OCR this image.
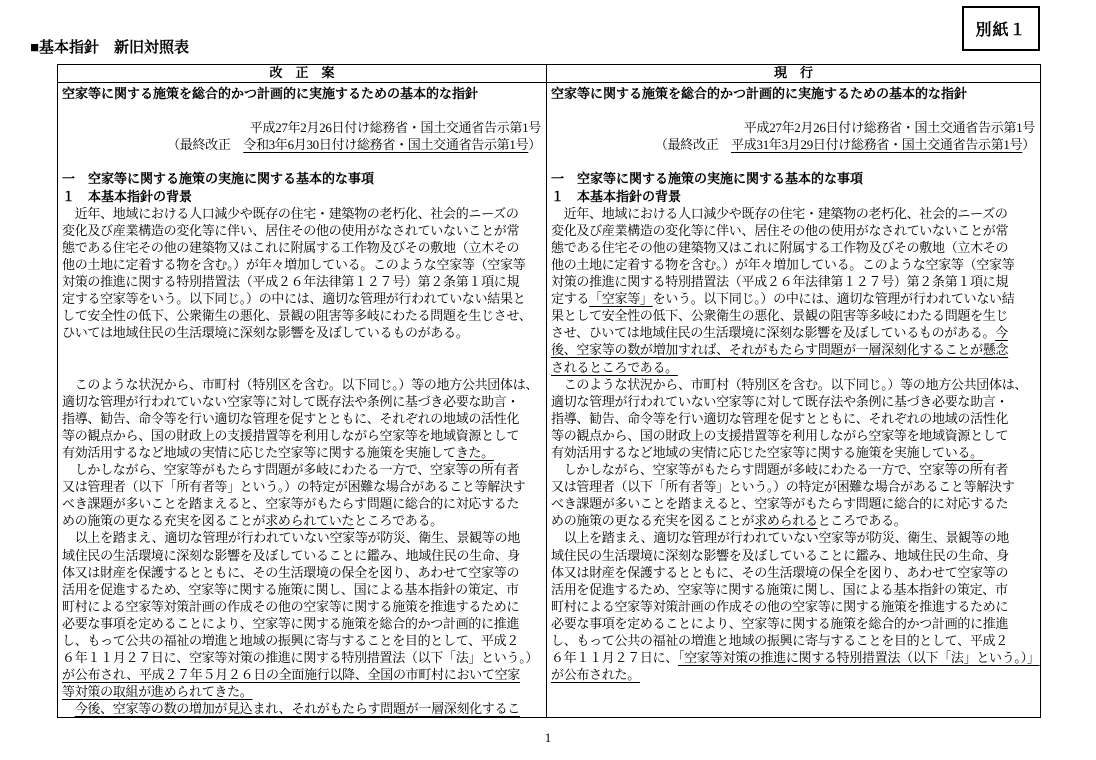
別紙１
■基本指針　新旧対照表
改　正　案	現　行
空家等に関する施策を総合的かつ計画的に実施するための基本的な指針

平成27年2月26日付け総務省・国土交通省告示第1号
（最終改正　令和3年6月30日付け総務省・国土交通省告示第1号）

一　空家等に関する施策の実施に関する基本的な事項
１　本基本指針の背景
　近年、地域における人口減少や既存の住宅・建築物の老朽化、社会的ニーズの
変化及び産業構造の変化等に伴い、居住その他の使用がなされていないことが常
態である住宅その他の建築物又はこれに附属する工作物及びその敷地（立木その
他の土地に定着する物を含む。）が年々増加している。このような空家等（空家等
対策の推進に関する特別措置法（平成２６年法律第１２７号）第２条第１項に規
定する空家等をいう。以下同じ。）の中には、適切な管理が行われていない結果と
して安全性の低下、公衆衛生の悪化、景観の阻害等多岐にわたる問題を生じさせ、
ひいては地域住民の生活環境に深刻な影響を及ぼしているものがある。

　このような状況から、市町村（特別区を含む。以下同じ。）等の地方公共団体は、
適切な管理が行われていない空家等に対して既存法や条例に基づき必要な助言・
指導、勧告、命令等を行い適切な管理を促すとともに、それぞれの地域の活性化
等の観点から、国の財政上の支援措置等を利用しながら空家等を地域資源として
有効活用するなど地域の実情に応じた空家等に関する施策を実施してきた。
　しかしながら、空家等がもたらす問題が多岐にわたる一方で、空家等の所有者
又は管理者（以下「所有者等」という。）の特定が困難な場合があること等解決す
べき課題が多いことを踏まえると、空家等がもたらす問題に総合的に対応するた
めの施策の更なる充実を図ることが求められていたところである。
　以上を踏まえ、適切な管理が行われていない空家等が防災、衛生、景観等の地
域住民の生活環境に深刻な影響を及ぼしていることに鑑み、地域住民の生命、身
体又は財産を保護するとともに、その生活環境の保全を図り、あわせて空家等の
活用を促進するため、空家等に関する施策に関し、国による基本指針の策定、市
町村による空家等対策計画の作成その他の空家等に関する施策を推進するために
必要な事項を定めることにより、空家等に関する施策を総合的かつ計画的に推進
し、もって公共の福祉の増進と地域の振興に寄与することを目的として、平成２
６年１１月２７日に、空家等対策の推進に関する特別措置法（以下「法」という。）
が公布され、平成２７年５月２６日の全面施行以降、全国の市町村において空家
等対策の取組が進められてきた。
　今後、空家等の数の増加が見込まれ、それがもたらす問題が一層深刻化するこ
空家等に関する施策を総合的かつ計画的に実施するための基本的な指針

平成27年2月26日付け総務省・国土交通省告示第1号
（最終改正　平成31年3月29日付け総務省・国土交通省告示第1号）

一　空家等に関する施策の実施に関する基本的な事項
１　本基本指針の背景
　近年、地域における人口減少や既存の住宅・建築物の老朽化、社会的ニーズの
変化及び産業構造の変化等に伴い、居住その他の使用がなされていないことが常
態である住宅その他の建築物又はこれに附属する工作物及びその敷地（立木その
他の土地に定着する物を含む。）が年々増加している。このような空家等（空家等
対策の推進に関する特別措置法（平成２６年法律第１２７号）第２条第１項に規
定する「空家等」をいう。以下同じ。）の中には、適切な管理が行われていない結
果として安全性の低下、公衆衛生の悪化、景観の阻害等多岐にわたる問題を生じ
させ、ひいては地域住民の生活環境に深刻な影響を及ぼしているものがある。今
後、空家等の数が増加すれば、それがもたらす問題が一層深刻化することが懸念
されるところである。
　このような状況から、市町村（特別区を含む。以下同じ。）等の地方公共団体は、
適切な管理が行われていない空家等に対して既存法や条例に基づき必要な助言・
指導、勧告、命令等を行い適切な管理を促すとともに、それぞれの地域の活性化
等の観点から、国の財政上の支援措置等を利用しながら空家等を地域資源として
有効活用するなど地域の実情に応じた空家等に関する施策を実施している。
　しかしながら、空家等がもたらす問題が多岐にわたる一方で、空家等の所有者
又は管理者（以下「所有者等」という。）の特定が困難な場合があること等解決す
べき課題が多いことを踏まえると、空家等がもたらす問題に総合的に対応するた
めの施策の更なる充実を図ることが求められるところである。
　以上を踏まえ、適切な管理が行われていない空家等が防災、衛生、景観等の地
域住民の生活環境に深刻な影響を及ぼしていることに鑑み、地域住民の生命、身
体又は財産を保護するとともに、その生活環境の保全を図り、あわせて空家等の
活用を促進するため、空家等に関する施策に関し、国による基本指針の策定、市
町村による空家等対策計画の作成その他の空家等に関する施策を推進するために
必要な事項を定めることにより、空家等に関する施策を総合的かつ計画的に推進
し、もって公共の福祉の増進と地域の振興に寄与することを目的として、平成２
６年１１月２７日に、「空家等対策の推進に関する特別措置法（以下「法」という。）」
が公布された。
1
